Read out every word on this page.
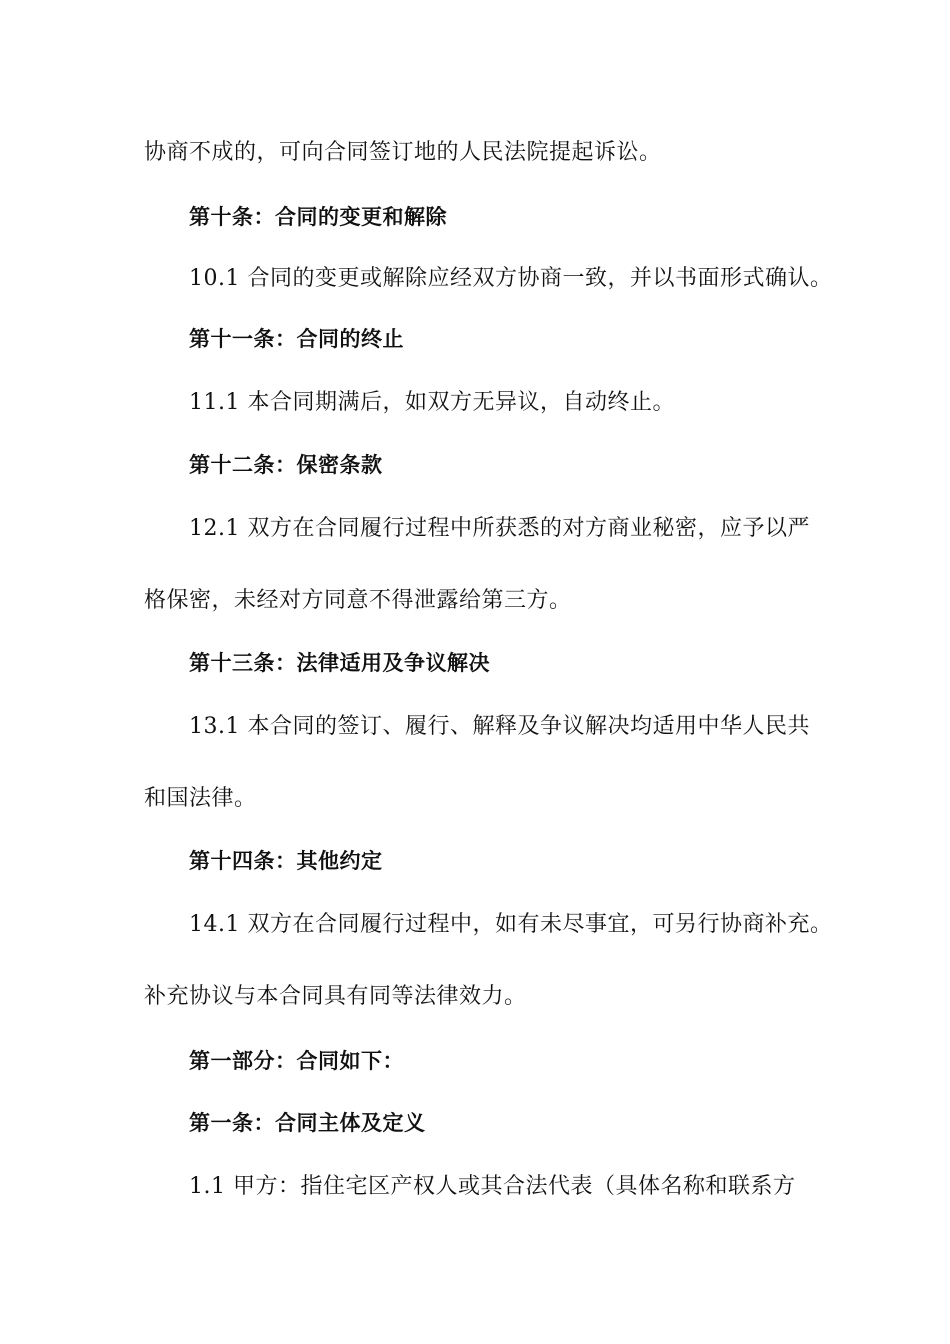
协商不成的，可向合同签订地的人民法院提起诉讼。
第十条：合同的变更和解除
10.1 合同的变更或解除应经双方协商一致，并以书面形式确认。
第十一条：合同的终止
11.1 本合同期满后，如双方无异议，自动终止。
第十二条：保密条款
12.1 双方在合同履行过程中所获悉的对方商业秘密，应予以严
格保密，未经对方同意不得泄露给第三方。
第十三条：法律适用及争议解决
13.1 本合同的签订、履行、解释及争议解决均适用中华人民共
和国法律。
第十四条：其他约定
14.1 双方在合同履行过程中，如有未尽事宜，可另行协商补充。
补充协议与本合同具有同等法律效力。
第一部分：合同如下：
第一条：合同主体及定义
1.1 甲方：指住宅区产权人或其合法代表（具体名称和联系方
